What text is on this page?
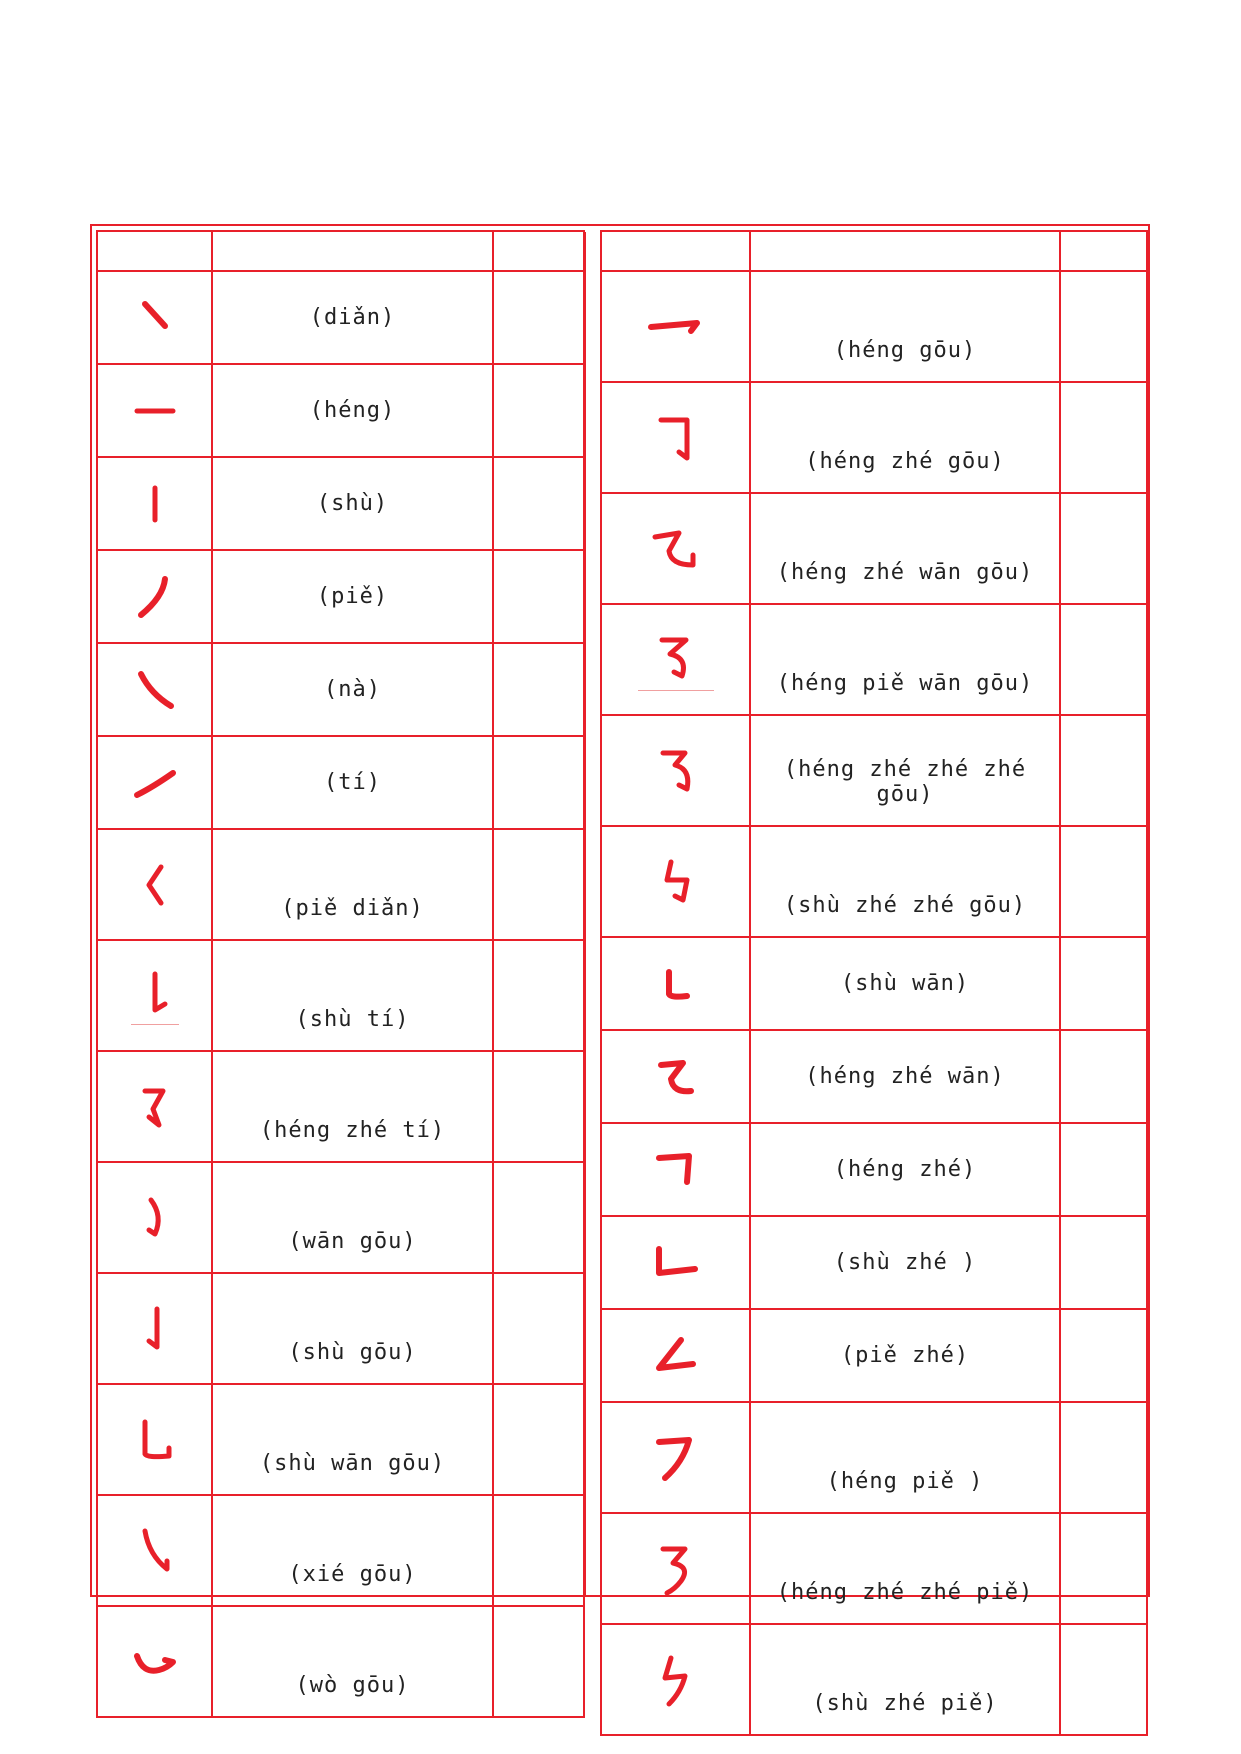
	(diǎn)	

	(héng)	

	(shù)	

	(piě)	

	(nà)	

	(tí)	

	(piě diǎn)	

	(shù tí)	

	(héng zhé tí)	

	(wān gōu)	

	(shù gōu)	

	(shù wān gōu)	

	(xié gōu)	

	(wò gōu)	

	(héng gōu)	

	(héng zhé gōu)	

	(héng zhé wān gōu)	

	(héng piě wān gōu)	

	(héng zhé zhé zhé gōu)	

	(shù zhé zhé gōu)	

	(shù wān)	

	(héng zhé wān)	

	(héng zhé)	

	(shù zhé )	

	(piě zhé)	

	(héng piě )	

	(héng zhé zhé piě)	

	(shù zhé piě)	
